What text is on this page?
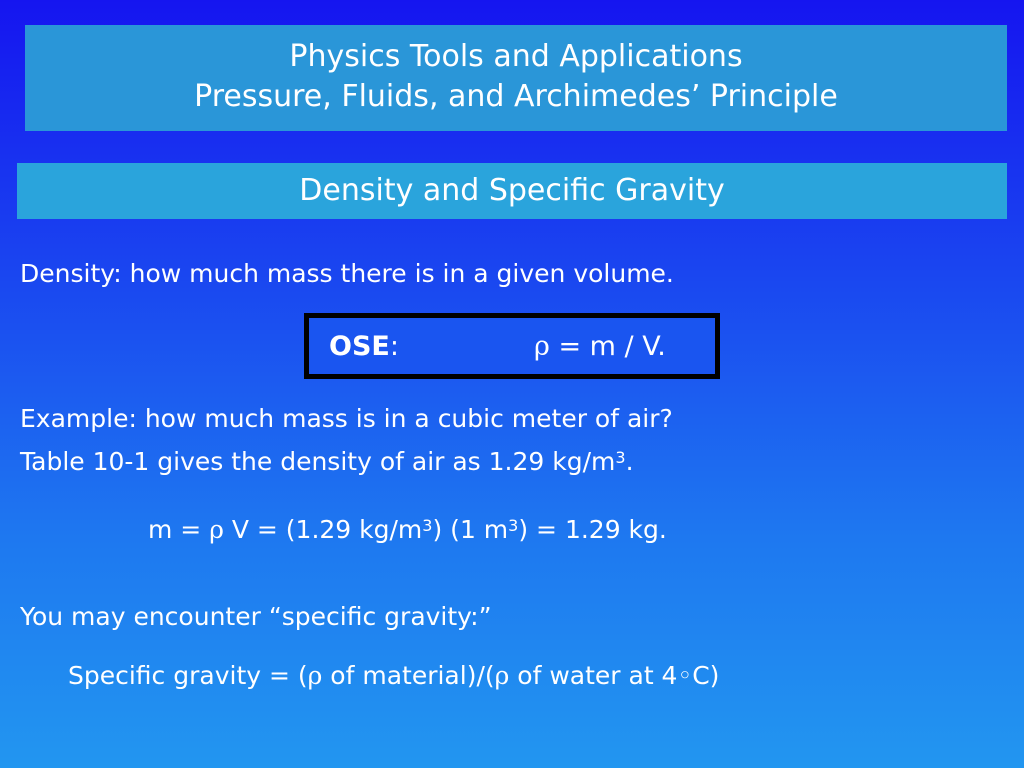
Physics Tools and Applications
Pressure, Fluids, and Archimedes’ Principle
Density and Specific Gravity
Density: how much mass there is in a given volume.
OSE:	ρ = m / V.
Example: how much mass is in a cubic meter of air?
Table 10-1 gives the density of air as 1.29 $kg/m^3$.
m = ρ V = (1.29 $kg/m^3$) (1 $m^3) = 1.29$ kg.
You may encounter “specific gravity:”
Specific gravity = (ρ of material)/(ρ of water at 4◦C)
